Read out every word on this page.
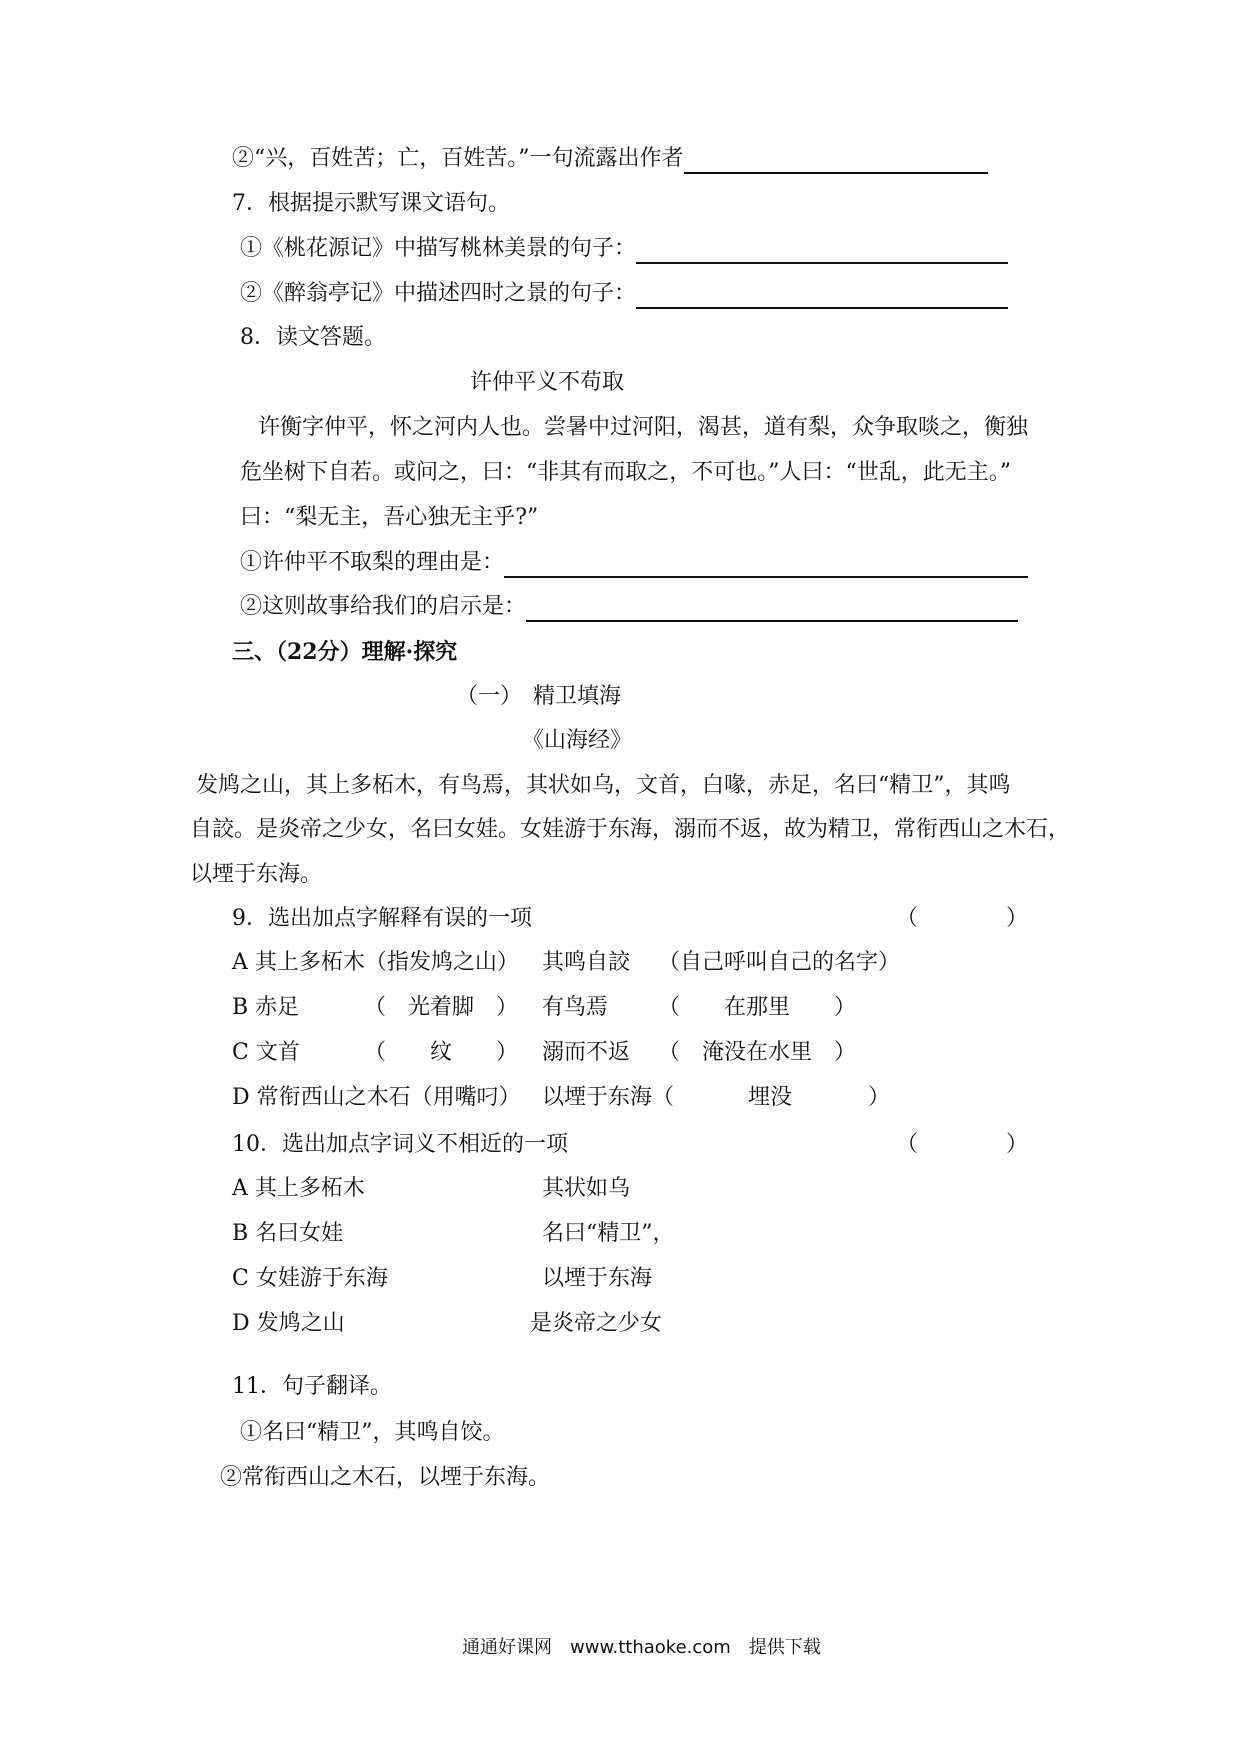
②“兴，百姓苦；亡，百姓苦。”一句流露出作者
7．根据提示默写课文语句。
①《桃花源记》中描写桃林美景的句子：
②《醉翁亭记》中描述四时之景的句子：
8．读文答题。
许仲平义不苟取
许衡字仲平，怀之河内人也。尝暑中过河阳，渴甚，道有梨，众争取啖之，衡独
危坐树下自若。或问之，曰：“非其有而取之，不可也。”人曰：“世乱，此无主。”
曰：“梨无主，吾心独无主乎?”
①许仲平不取梨的理由是：
②这则故事给我们的启示是：
三、（22分）理解·探究
（一）　精卫填海
《山海经》
发鸠之山，其上多柘木，有鸟焉，其状如乌，文首，白喙，赤足，名曰“精卫”，其鸣
自詨。是炎帝之少女，名曰女娃。女娃游于东海，溺而不返，故为精卫，常衔西山之木石，
以堙于东海。
9．选出加点字解释有误的一项	（　　　　）
A 其上多柘木（指发鸠之山） 其鸣自詨 （自己呼叫自己的名字）
B 赤足	（　光着脚　） 有鸟焉 （　　在那里　　）
C 文首	（　　纹　　） 溺而不返 （　淹没在水里　）
D 常衔西山之木石（用嘴叼） 以堙于东海（	埋没	）
10．选出加点字词义不相近的一项	（　　　　）
A 其上多柘木	其状如乌
B 名曰女娃	名曰“精卫”，
C 女娃游于东海	以堙于东海
D 发鸠之山	是炎帝之少女
11．句子翻译。
①名曰“精卫”，其鸣自饺。
②常衔西山之木石，以堙于东海。
通通好课网　www.tthaoke.com　提供下载
